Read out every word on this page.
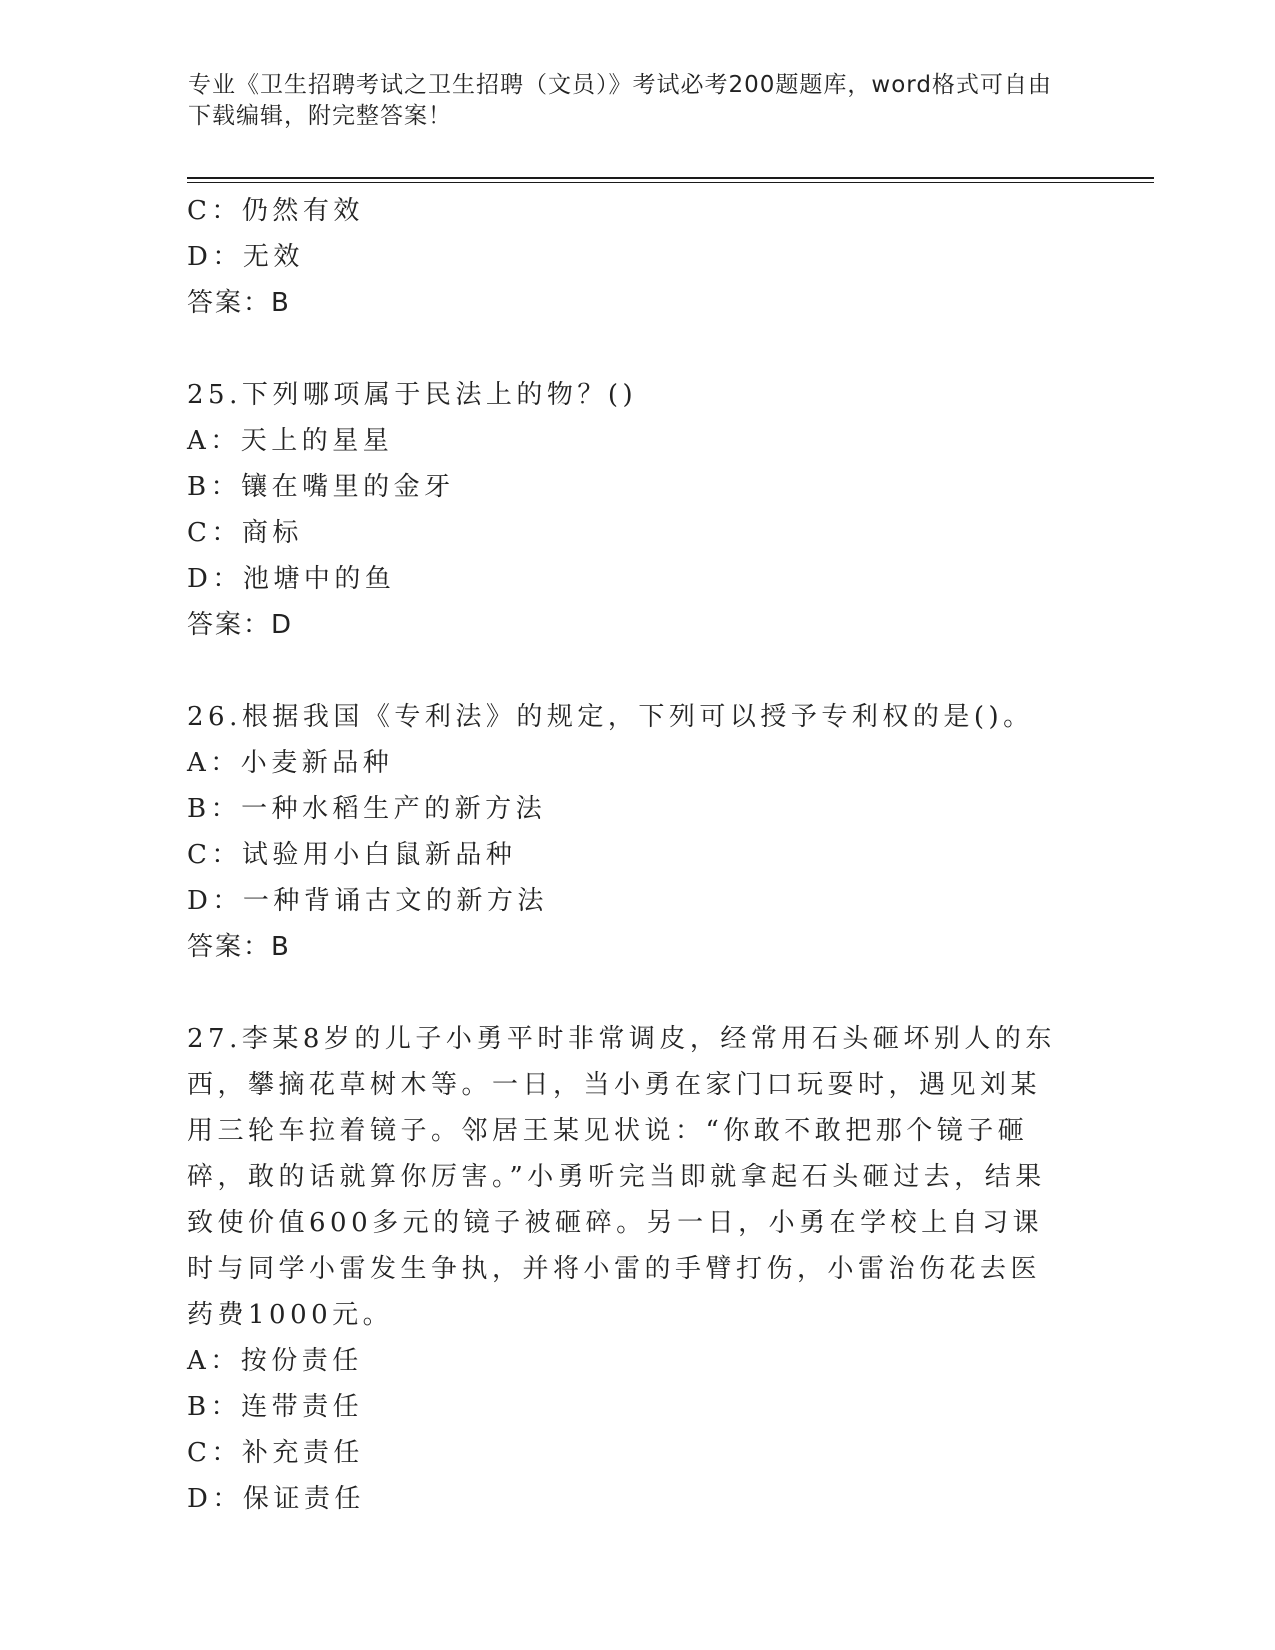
专业《卫生招聘考试之卫生招聘（文员）》考试必考200题题库，word格式可自由下载编辑，附完整答案！
C：仍然有效
D：无效
答案：B
25.下列哪项属于民法上的物？()
A：天上的星星
B：镶在嘴里的金牙
C：商标
D：池塘中的鱼
答案：D
26.根据我国《专利法》的规定，下列可以授予专利权的是()。
A：小麦新品种
B：一种水稻生产的新方法
C：试验用小白鼠新品种
D：一种背诵古文的新方法
答案：B
27.李某8岁的儿子小勇平时非常调皮，经常用石头砸坏别人的东西，攀摘花草树木等。一日，当小勇在家门口玩耍时，遇见刘某用三轮车拉着镜子。邻居王某见状说：“你敢不敢把那个镜子砸碎，敢的话就算你厉害。”小勇听完当即就拿起石头砸过去，结果致使价值600多元的镜子被砸碎。另一日，小勇在学校上自习课时与同学小雷发生争执，并将小雷的手臂打伤，小雷治伤花去医药费1000元。
A：按份责任
B：连带责任
C：补充责任
D：保证责任
